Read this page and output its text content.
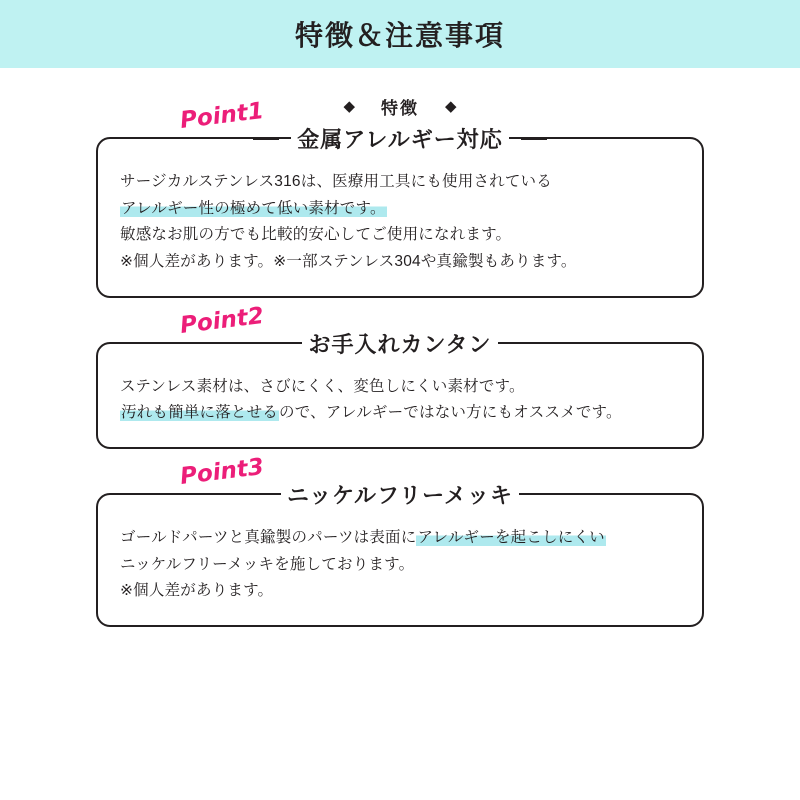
特徴＆注意事項
◆ 特徴 ◆
Point1
金属アレルギー対応
サージカルステンレス316は、医療用工具にも使用されている
アレルギー性の極めて低い素材です。
敏感なお肌の方でも比較的安心してご使用になれます。
※個人差があります。※一部ステンレス304や真鍮製もあります。
Point2
お手入れカンタン
ステンレス素材は、さびにくく、変色しにくい素材です。
汚れも簡単に落とせるので、アレルギーではない方にもオススメです。
Point3
ニッケルフリーメッキ
ゴールドパーツと真鍮製のパーツは表面にアレルギーを起こしにくい
ニッケルフリーメッキを施しております。
※個人差があります。
